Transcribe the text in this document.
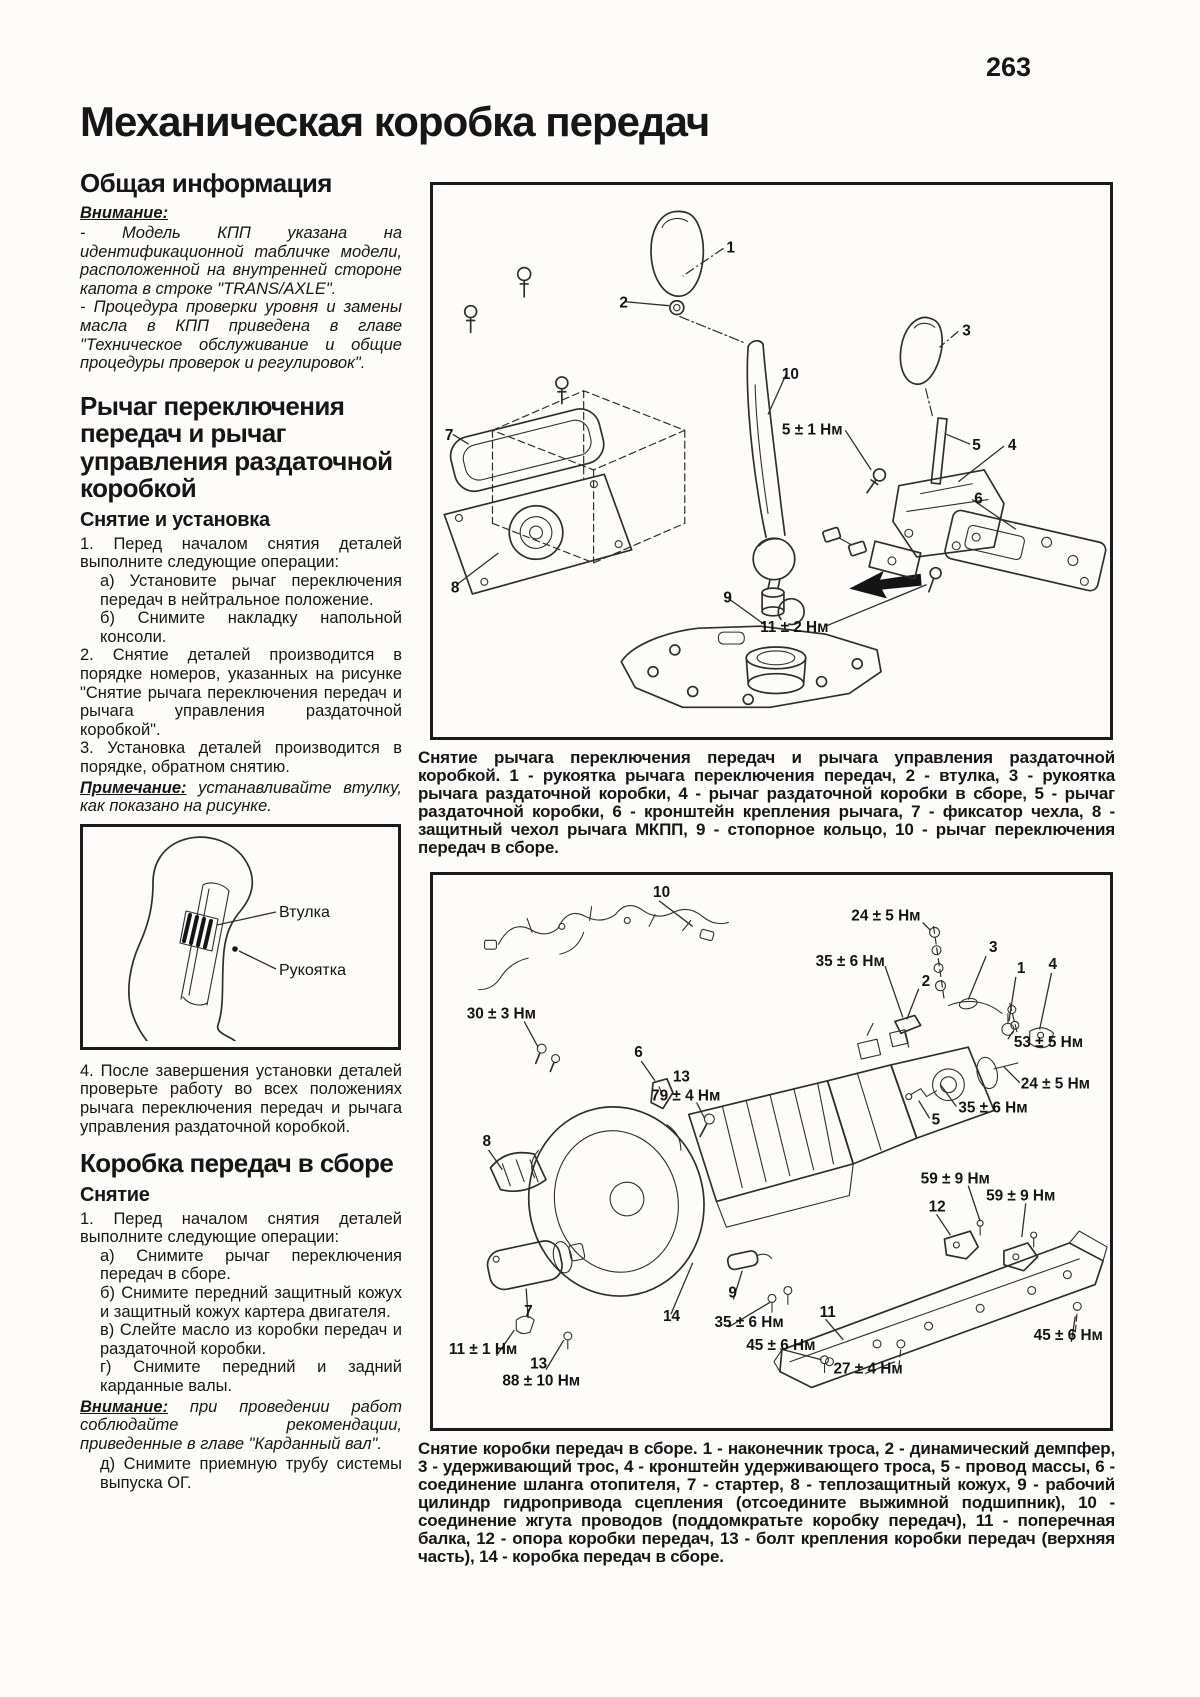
263
Механическая коробка передач
Общая информация

Внимание:

- Модель КПП указана на идентификационной табличке модели, расположенной на внутренней стороне капота в строке "TRANS/AXLE".
- Процедура проверки уровня и замены масла в КПП приведена в главе "Техническое обслуживание и общие процедуры проверок и регулировок".
Рычаг переключения передач и рычаг управления раздаточной коробкой
Снятие и установка
1. Перед началом снятия деталей выполните следующие операции:
а) Установите рычаг переключения передач в нейтральное положение.
б) Снимите накладку напольной консоли.
2. Снятие деталей производится в порядке номеров, указанных на рисунке "Снятие рычага переключения передач и рычага управления раздаточной коробкой".
3. Установка деталей производится в порядке, обратном снятию.

Примечание: устанавливайте втулку, как показано на рисунке.

Втулка
Рукоятка

4. После завершения установки деталей проверьте работу во всех положениях рычага переключения передач и рычага управления раздаточной коробкой.

Коробка передач в сборе
Снятие
1. Перед началом снятия деталей выполните следующие операции:
а) Снимите рычаг переключения передач в сборе.
б) Снимите передний защитный кожух и защитный кожух картера двигателя.
в) Слейте масло из коробки передач и раздаточной коробки.
г) Снимите передний и задний карданные валы.

Внимание: при проведении работ соблюдайте рекомендации, приведенные в главе "Карданный вал".

д) Снимите приемную трубу системы выпуска ОГ.
1
2
10
3
5 ± 1 Нм
5 4
6
9
7
8
11 ± 2 Нм

Снятие рычага переключения передач и рычага управления раздаточной коробкой. 1 - рукоятка рычага переключения передач, 2 - втулка, 3 - рукоятка рычага раздаточной коробки, 4 - рычаг раздаточной коробки в сборе, 5 - рычаг раздаточной коробки, 6 - кронштейн крепления рычага, 7 - фиксатор чехла, 8 - защитный чехол рычага МКПП, 9 - стопорное кольцо, 10 - рычаг переключения передач в сборе.

10
24 ± 5 Нм
35 ± 6 Нм
3
1 4
2
53 ± 5 Нм
24 ± 5 Нм
35 ± 6 Нм
5
30 ± 3 Нм
6
13
79 ± 4 Нм
8
59 ± 9 Нм
59 ± 9 Нм
12
7	14
9
35 ± 6 Нм
11
45 ± 6 Нм
27 ± 4 Нм
45 ± 6 Нм
11 ± 1 Нм
13
88 ± 10 Нм

Снятие коробки передач в сборе. 1 - наконечник троса, 2 - динамический демпфер, 3 - удерживающий трос, 4 - кронштейн удерживающего троса, 5 - провод массы, 6 - соединение шланга отопителя, 7 - стартер, 8 - теплозащитный кожух, 9 - рабочий цилиндр гидропривода сцепления (отсоедините выжимной подшипник), 10 - соединение жгута проводов (поддомкратьте коробку передач), 11 - поперечная балка, 12 - опора коробки передач, 13 - болт крепления коробки передач (верхняя часть), 14 - коробка передач в сборе.
